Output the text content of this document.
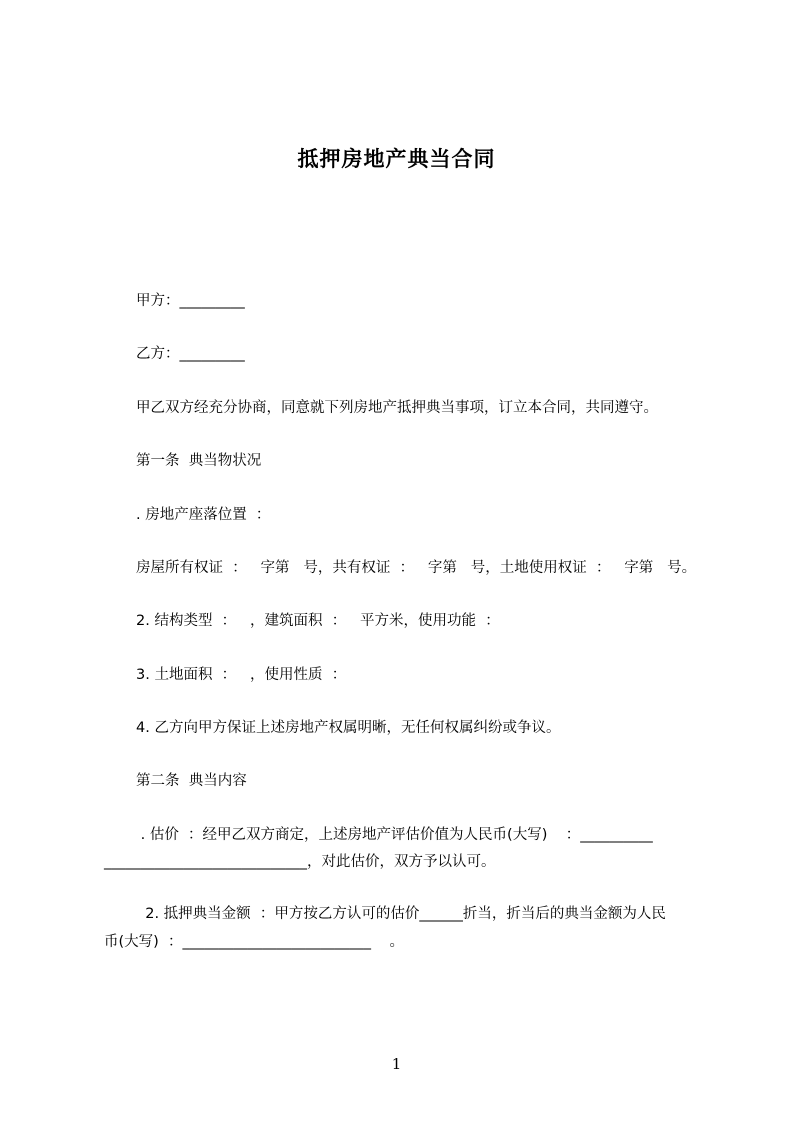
抵押房地产典当合同
甲方：_________
乙方：_________
甲乙双方经充分协商，同意就下列房地产抵押典当事项，订立本合同，共同遵守。
第一条  典当物状况
. 房地产座落位置  ：
房屋所有权证  ：   字第   号，共有权证  ：   字第   号，土地使用权证  ：   字第   号。
2. 结构类型  ：   ，建筑面积  ：   平方米，使用功能  ：
3. 土地面积  ：   ，使用性质  ：
4. 乙方向甲方保证上述房地产权属明晰，无任何权属纠纷或争议。
第二条  典当内容
. 估价  ：经甲乙双方商定，上述房地产评估价值为人民币(大写)    ：__________
____________________________，对此估价，双方予以认可。
2. 抵押典当金额  ：甲方按乙方认可的估价______折当，折当后的典当金额为人民
币(大写)  ：__________________________    。
1
